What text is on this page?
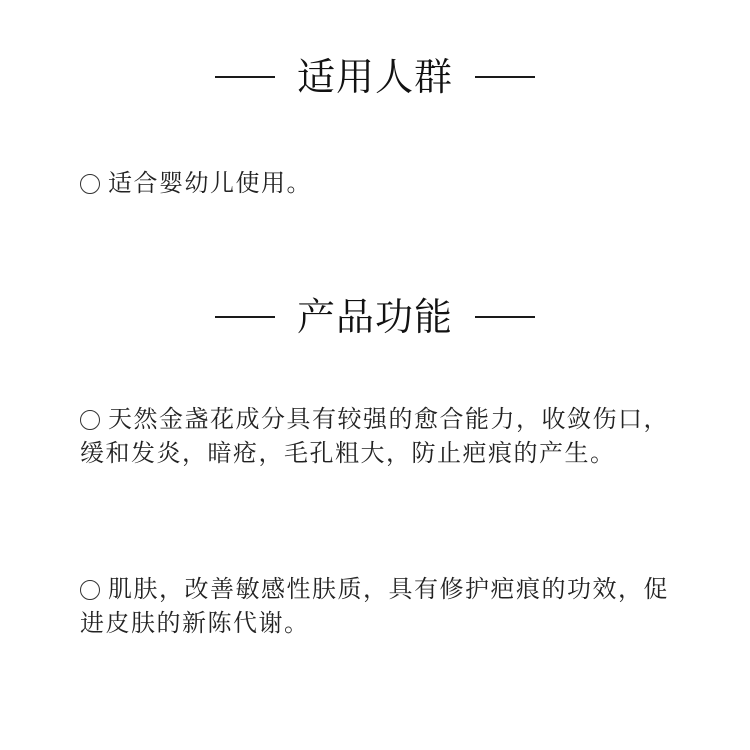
适用人群

适合婴幼儿使用。

产品功能

天然金盏花成分具有较强的愈合能力，收敛伤口，缓和发炎，暗疮，毛孔粗大，防止疤痕的产生。

肌肤，改善敏感性肤质，具有修护疤痕的功效，促进皮肤的新陈代谢。
